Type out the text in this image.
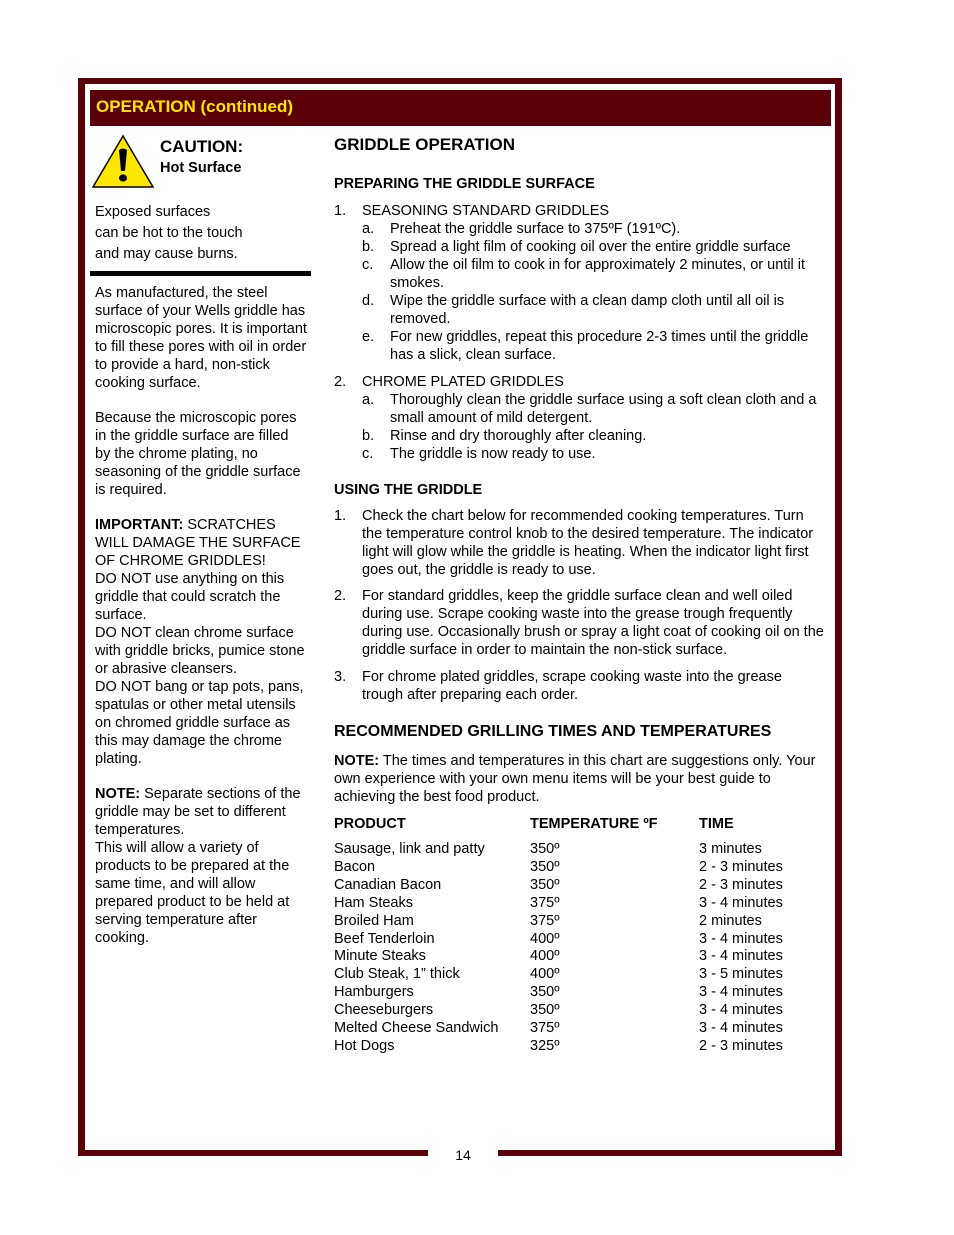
OPERATION (continued)
CAUTION:
Hot Surface
Exposed surfaces
can be hot to the touch
and may cause burns.

As manufactured, the steel surface of your Wells griddle has microscopic pores. It is important to fill these pores with oil in order to provide a hard, non-stick cooking surface.

Because the microscopic pores in the griddle surface are filled by the chrome plating, no seasoning of the griddle surface is required.

IMPORTANT: SCRATCHES WILL DAMAGE THE SURFACE OF CHROME GRIDDLES!

DO NOT use anything on this griddle that could scratch the surface.

DO NOT clean chrome surface with griddle bricks, pumice stone or abrasive cleansers.

DO NOT bang or tap pots, pans, spatulas or other metal utensils on chromed griddle surface as this may damage the chrome plating.

NOTE: Separate sections of the griddle may be set to different temperatures.

This will allow a variety of products to be prepared at the same time, and will allow prepared product to be held at serving temperature after cooking.

GRIDDLE OPERATION
PREPARING THE GRIDDLE SURFACE
1. SEASONING STANDARD GRIDDLES
a. Preheat the griddle surface to 375ºF (191ºC).
b. Spread a light film of cooking oil over the entire griddle surface
c. Allow the oil film to cook in for approximately 2 minutes, or until it smokes.
d. Wipe the griddle surface with a clean damp cloth until all oil is removed.
e. For new griddles, repeat this procedure 2-3 times until the griddle has a slick, clean surface.
2. CHROME PLATED GRIDDLES
a. Thoroughly clean the griddle surface using a soft clean cloth and a small amount of mild detergent.
b. Rinse and dry thoroughly after cleaning.
c. The griddle is now ready to use.
USING THE GRIDDLE
1. Check the chart below for recommended cooking temperatures. Turn the temperature control knob to the desired temperature. The indicator light will glow while the griddle is heating. When the indicator light first goes out, the griddle is ready to use.
2. For standard griddles, keep the griddle surface clean and well oiled during use. Scrape cooking waste into the grease trough frequently during use. Occasionally brush or spray a light coat of cooking oil on the griddle surface in order to maintain the non-stick surface.
3. For chrome plated griddles, scrape cooking waste into the grease trough after preparing each order.
RECOMMENDED GRILLING TIMES AND TEMPERATURES
NOTE: The times and temperatures in this chart are suggestions only. Your own experience with your own menu items will be your best guide to achieving the best food product.
PRODUCT	TEMPERATURE ºF	TIME
Sausage, link and patty	350º	3 minutes
Bacon	350º	2 - 3 minutes
Canadian Bacon	350º	2 - 3 minutes
Ham Steaks	375º	3 - 4 minutes
Broiled Ham	375º	2 minutes
Beef Tenderloin	400º	3 - 4 minutes
Minute Steaks	400º	3 - 4 minutes
Club Steak, 1” thick	400º	3 - 5 minutes
Hamburgers	350º	3 - 4 minutes
Cheeseburgers	350º	3 - 4 minutes
Melted Cheese Sandwich	375º	3 - 4 minutes
Hot Dogs	325º	2 - 3 minutes
14
